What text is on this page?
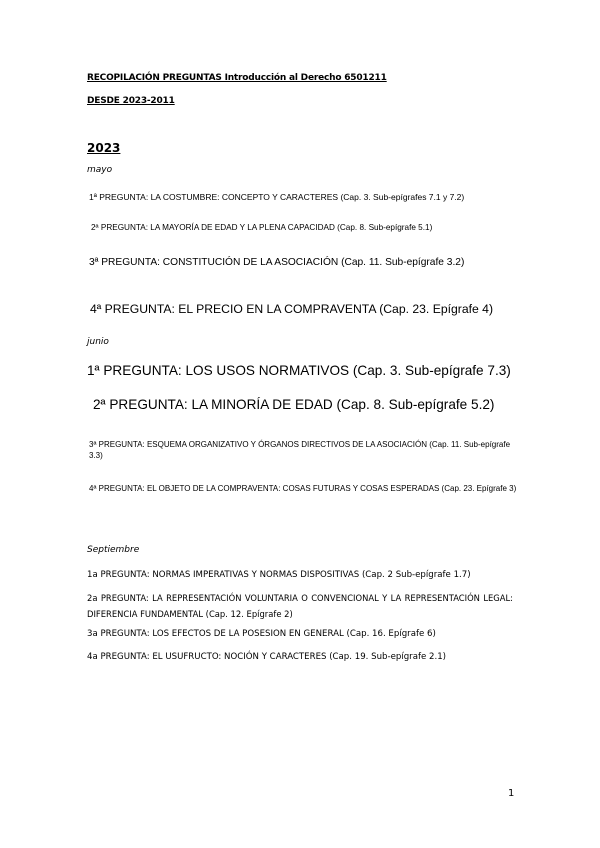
RECOPILACIÓN PREGUNTAS Introducción al Derecho 6501211
DESDE 2023-2011
2023
mayo
1ª PREGUNTA: LA COSTUMBRE: CONCEPTO Y CARACTERES (Cap. 3. Sub-epígrafes 7.1 y 7.2)
2ª PREGUNTA: LA MAYORÍA DE EDAD Y LA PLENA CAPACIDAD (Cap. 8. Sub-epígrafe 5.1)
3ª PREGUNTA: CONSTITUCIÓN DE LA ASOCIACIÓN (Cap. 11. Sub-epígrafe 3.2)
4ª PREGUNTA: EL PRECIO EN LA COMPRAVENTA (Cap. 23. Epígrafe 4)
junio
1ª PREGUNTA: LOS USOS NORMATIVOS (Cap. 3. Sub-epígrafe 7.3)
2ª PREGUNTA: LA MINORÍA DE EDAD (Cap. 8. Sub-epígrafe 5.2)
3ª PREGUNTA: ESQUEMA ORGANIZATIVO Y ÓRGANOS DIRECTIVOS DE LA ASOCIACIÓN (Cap. 11. Sub-epígrafe 3.3)
4ª PREGUNTA: EL OBJETO DE LA COMPRAVENTA: COSAS FUTURAS Y COSAS ESPERADAS (Cap. 23. Epígrafe 3)
Septiembre
1a PREGUNTA: NORMAS IMPERATIVAS Y NORMAS DISPOSITIVAS (Cap. 2 Sub-epígrafe 1.7)
2a PREGUNTA: LA REPRESENTACIÓN VOLUNTARIA O CONVENCIONAL Y LA REPRESENTACIÓN LEGAL: DIFERENCIA FUNDAMENTAL (Cap. 12. Epígrafe 2)
3a PREGUNTA: LOS EFECTOS DE LA POSESION EN GENERAL (Cap. 16. Epígrafe 6)
4a PREGUNTA: EL USUFRUCTO: NOCIÓN Y CARACTERES (Cap. 19. Sub-epígrafe 2.1)
1
